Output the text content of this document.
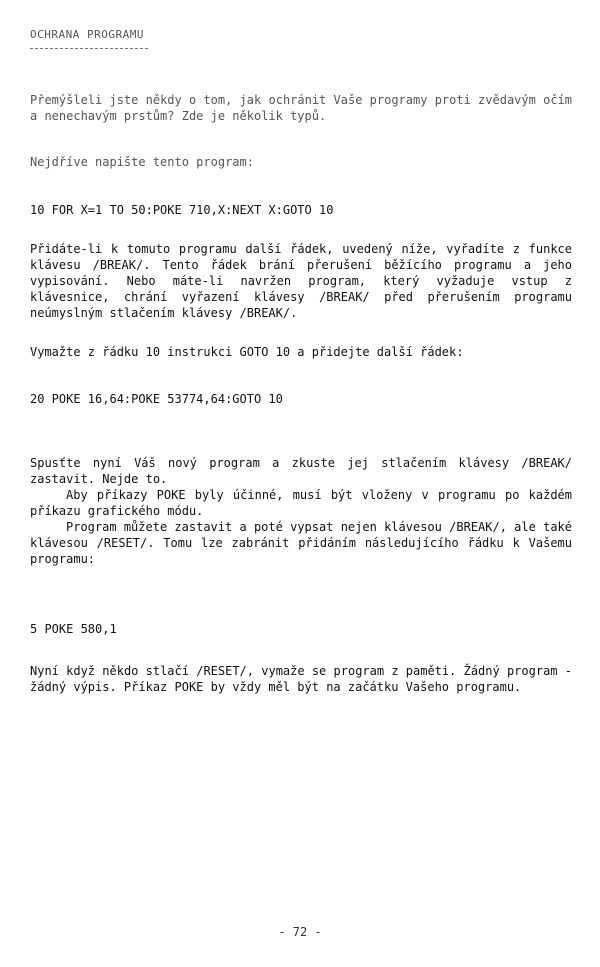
OCHRANA PROGRAMU
Přemýšleli jste někdy o tom, jak ochránit Vaše programy proti zvědavým očím a nenechavým prstům? Zde je několik typů.
Nejdříve napište tento program:
10 FOR X=1 TO 50:POKE 710,X:NEXT X:GOTO 10
Přidáte-li k tomuto programu další řádek, uvedený níže, vyřadíte z funkce klávesu /BREAK/. Tento řádek brání přerušení běžícího programu a jeho vypisování. Nebo máte-li navržen program, který vyžaduje vstup z klávesnice, chrání vyřazení klávesy /BREAK/ před přerušením programu neúmyslným stlačením klávesy /BREAK/.
Vymažte z řádku 10 instrukci GOTO 10 a přidejte další řádek:
20 POKE 16,64:POKE 53774,64:GOTO 10
Spusťte nyní Váš nový program a zkuste jej stlačením klávesy /BREAK/ zastavit. Nejde to.
Aby příkazy POKE byly účinné, musí být vloženy v programu po každém příkazu grafického módu.
Program můžete zastavit a poté vypsat nejen klávesou /BREAK/, ale také klávesou /RESET/. Tomu lze zabránit přidáním následujícího řádku k Vašemu programu:
5 POKE 580,1
Nyní když někdo stlačí /RESET/, vymaže se program z paměti. Žádný program - žádný výpis. Příkaz POKE by vždy měl být na začátku Vašeho programu.
- 72 -
